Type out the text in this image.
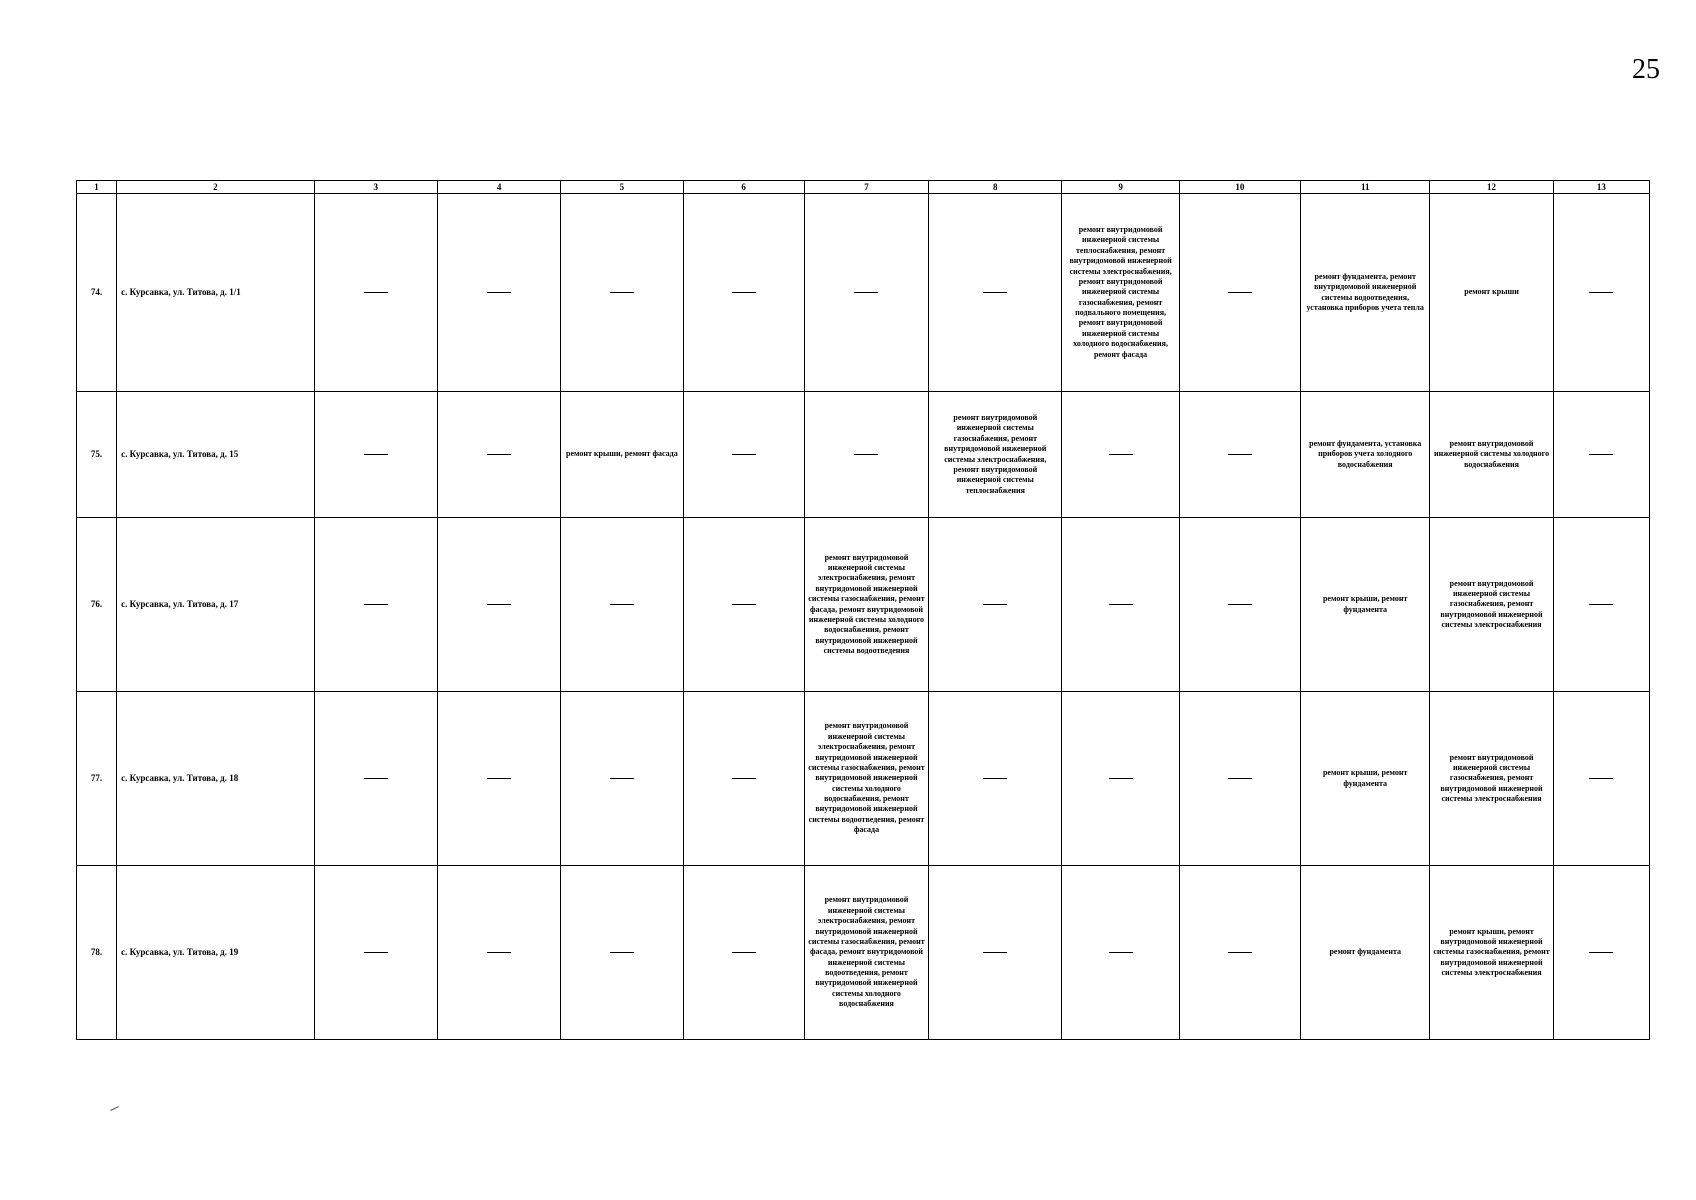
25
1	2	3	4	5	6	7	8	9	10	11	12	13
74.	с. Курсавка, ул. Титова, д. 1/1							ремонт внутридомовой инженерной системы теплоснабжения, ремонт внутридомовой инженерной системы электроснабжения, ремонт внутридомовой инженерной системы газоснабжения, ремонт подвального помещения, ремонт внутридомовой инженерной системы холодного водоснабжения, ремонт фасада		ремонт фундамента, ремонт внутридомовой инженерной системы водоотведения, установка приборов учета тепла	ремонт крыши	
75.	с. Курсавка, ул. Титова, д. 15			ремонт крыши, ремонт фасада			ремонт внутридомовой инженерной системы газоснабжения, ремонт внутридомовой инженерной системы электроснабжения, ремонт внутридомовой инженерной системы теплоснабжения			ремонт фундамента, установка приборов учета холодного водоснабжения	ремонт внутридомовой инженерной системы холодного водоснабжения	
76.	с. Курсавка, ул. Титова, д. 17					ремонт внутридомовой инженерной системы электроснабжения, ремонт внутридомовой инженерной системы газоснабжения, ремонт фасада, ремонт внутридомовой инженерной системы холодного водоснабжения, ремонт внутридомовой инженерной системы водоотведения				ремонт крыши, ремонт фундамента	ремонт внутридомовой инженерной системы газоснабжения, ремонт внутридомовой инженерной системы электроснабжения	
77.	с. Курсавка, ул. Титова, д. 18					ремонт внутридомовой инженерной системы электроснабжения, ремонт внутридомовой инженерной системы газоснабжения, ремонт внутридомовой инженерной системы холодного водоснабжения, ремонт внутридомовой инженерной системы водоотведения, ремонт фасада				ремонт крыши, ремонт фундамента	ремонт внутридомовой инженерной системы газоснабжения, ремонт внутридомовой инженерной системы электроснабжения	
78.	с. Курсавка, ул. Титова, д. 19					ремонт внутридомовой инженерной системы электроснабжения, ремонт внутридомовой инженерной системы газоснабжения, ремонт фасада, ремонт внутридомовой инженерной системы водоотведения, ремонт внутридомовой инженерной системы холодного водоснабжения				ремонт фундамента	ремонт крыши, ремонт внутридомовой инженерной системы газоснабжения, ремонт внутридомовой инженерной системы электроснабжения	
